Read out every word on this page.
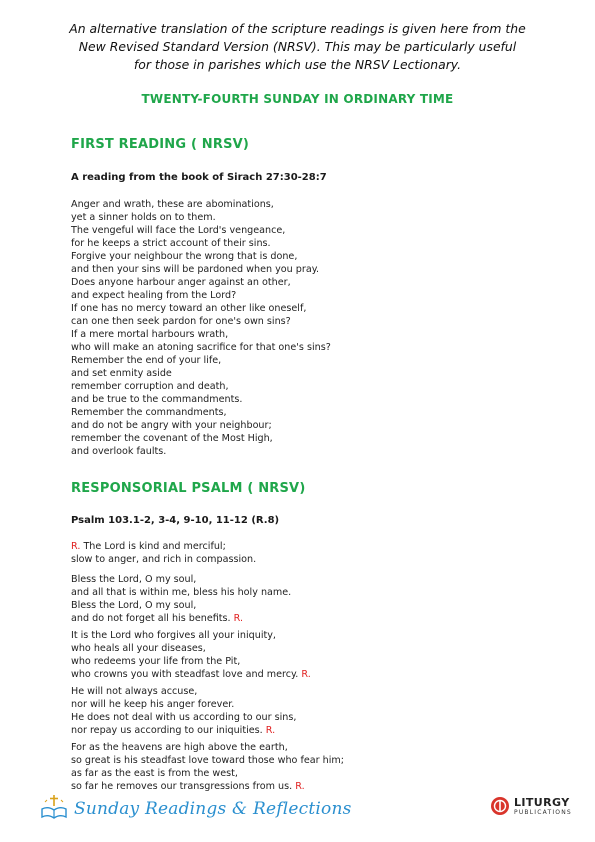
An alternative translation of the scripture readings is given here from the
New Revised Standard Version (NRSV). This may be particularly useful
for those in parishes which use the NRSV Lectionary.
TWENTY-FOURTH SUNDAY IN ORDINARY TIME
FIRST READING ( NRSV)
A reading from the book of Sirach 27:30-28:7
Anger and wrath, these are abominations,
yet a sinner holds on to them.
The vengeful will face the Lord's vengeance,
for he keeps a strict account of their sins.
Forgive your neighbour the wrong that is done,
and then your sins will be pardoned when you pray.
Does anyone harbour anger against an other,
and expect healing from the Lord?
If one has no mercy toward an other like oneself,
can one then seek pardon for one's own sins?
If a mere mortal harbours wrath,
who will make an atoning sacrifice for that one's sins?
Remember the end of your life,
and set enmity aside
remember corruption and death,
and be true to the commandments.
Remember the commandments,
and do not be angry with your neighbour;
remember the covenant of the Most High,
and overlook faults.
RESPONSORIAL PSALM ( NRSV)
Psalm 103.1-2, 3-4, 9-10, 11-12 (R.8)
R. The Lord is kind and merciful;
slow to anger, and rich in compassion.
Bless the Lord, O my soul,
and all that is within me, bless his holy name.
Bless the Lord, O my soul,
and do not forget all his benefits. R.
It is the Lord who forgives all your iniquity,
who heals all your diseases,
who redeems your life from the Pit,
who crowns you with steadfast love and mercy. R.
He will not always accuse,
nor will he keep his anger forever.
He does not deal with us according to our sins,
nor repay us according to our iniquities. R.
For as the heavens are high above the earth,
so great is his steadfast love toward those who fear him;
as far as the east is from the west,
so far he removes our transgressions from us. R.
Sunday Readings & Reflections	LITURGY
PUBLICATIONS
